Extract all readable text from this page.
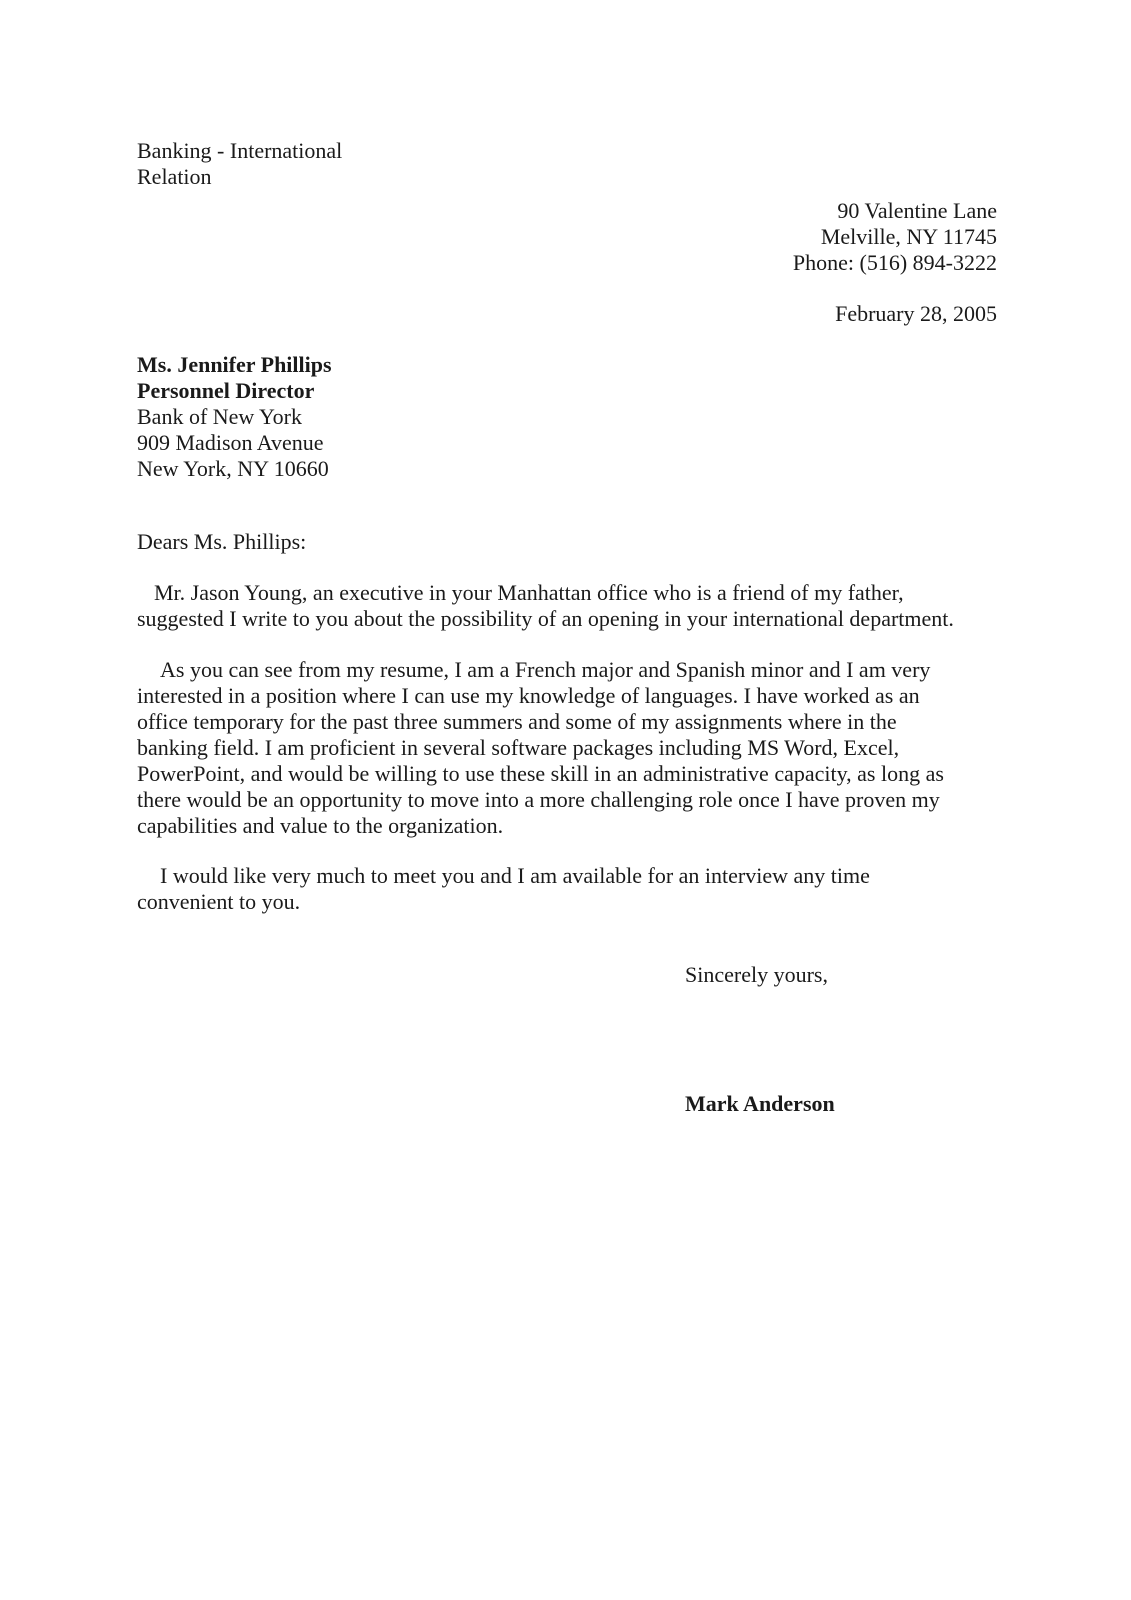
Banking - International
Relation
90 Valentine Lane
Melville, NY 11745
Phone: (516) 894-3222
February 28, 2005
Ms. Jennifer Phillips
Personnel Director
Bank of New York
909 Madison Avenue
New York, NY 10660
Dears Ms. Phillips:
Mr. Jason Young, an executive in your Manhattan office who is a friend of my father,
suggested I write to you about the possibility of an opening in your international department.
As you can see from my resume, I am a French major and Spanish minor and I am very
interested in a position where I can use my knowledge of languages. I have worked as an
office temporary for the past three summers and some of my assignments where in the
banking field. I am proficient in several software packages including MS Word, Excel,
PowerPoint, and would be willing to use these skill in an administrative capacity, as long as
there would be an opportunity to move into a more challenging role once I have proven my
capabilities and value to the organization.
I would like very much to meet you and I am available for an interview any time
convenient to you.
Sincerely yours,
Mark Anderson
